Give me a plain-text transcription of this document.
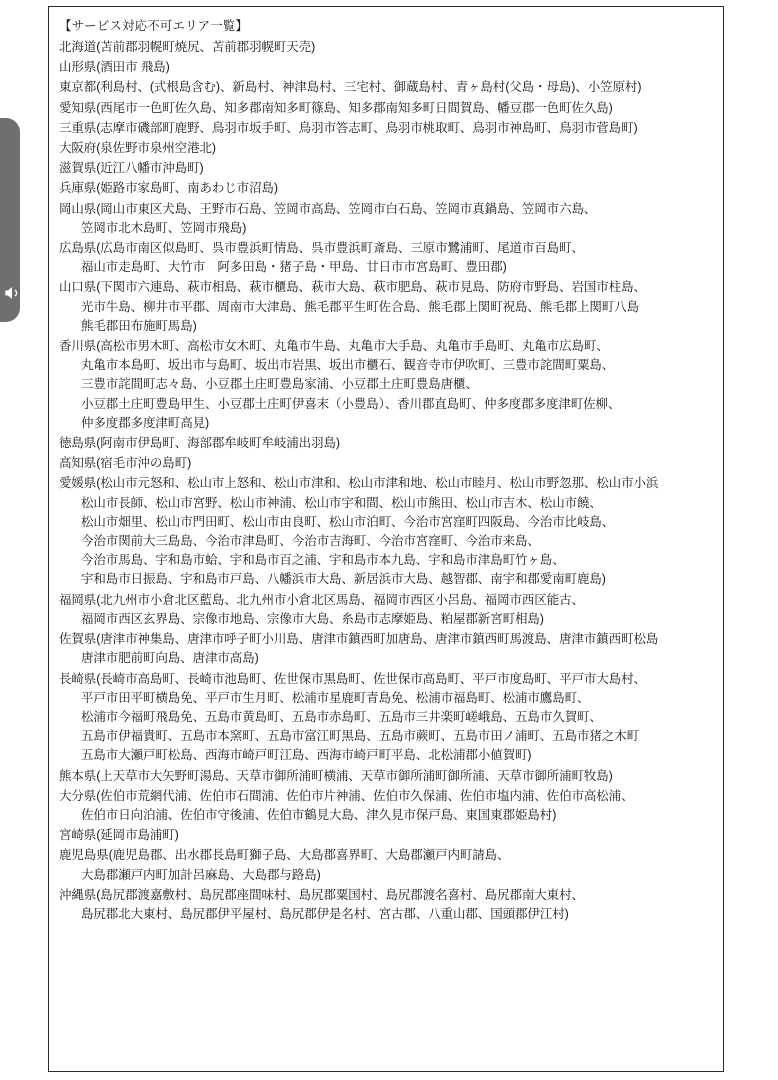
【サービス対応不可エリア一覧】
北海道(苫前郡羽幌町焼尻、苫前郡羽幌町天売)
山形県(酒田市 飛島)
東京都(利島村、(式根島含む)、新島村、神津島村、三宅村、御蔵島村、青ヶ島村(父島・母島)、小笠原村)
愛知県(西尾市一色町佐久島、知多郡南知多町篠島、知多郡南知多町日間賀島、幡豆郡一色町佐久島)
三重県(志摩市磯部町鹿野、鳥羽市坂手町、鳥羽市答志町、鳥羽市桃取町、鳥羽市神島町、鳥羽市菅島町)
大阪府(泉佐野市泉州空港北)
滋賀県(近江八幡市沖島町)
兵庫県(姫路市家島町、南あわじ市沼島)
岡山県(岡山市東区犬島、王野市石島、笠岡市高島、笠岡市白石島、笠岡市真鍋島、笠岡市六島、
笠岡市北木島町、笠岡市飛島)
広島県(広島市南区似島町、呉市豊浜町情島、呉市豊浜町斎島、三原市鷺浦町、尾道市百島町、
福山市走島町、大竹市　阿多田島・猪子島・甲島、廿日市市宮島町、豊田郡)
山口県(下関市六連島、萩市相島、萩市櫃島、萩市大島、萩市肥島、萩市見島、防府市野島、岩国市柱島、
光市牛島、柳井市平郡、周南市大津島、熊毛郡平生町佐合島、熊毛郡上関町祝島、熊毛郡上関町八島
熊毛郡田布施町馬島)
香川県(高松市男木町、高松市女木町、丸亀市牛島、丸亀市大手島、丸亀市手島町、丸亀市広島町、
丸亀市本島町、坂出市与島町、坂出市岩黒、坂出市櫃石、観音寺市伊吹町、三豊市詫間町粟島、
三豊市詫間町志々島、小豆郡土庄町豊島家浦、小豆郡土庄町豊島唐櫃、
小豆郡土庄町豊島甲生、小豆郡土庄町伊喜末（小豊島）、香川郡直島町、仲多度郡多度津町佐柳、
仲多度郡多度津町高見)
徳島県(阿南市伊島町、海部郡牟岐町牟岐浦出羽島)
高知県(宿毛市沖の島町)
愛媛県(松山市元怒和、松山市上怒和、松山市津和、松山市津和地、松山市睦月、松山市野忽那、松山市小浜
松山市長師、松山市宮野、松山市神浦、松山市宇和間、松山市熊田、松山市吉木、松山市饒、
松山市畑里、松山市門田町、松山市由良町、松山市泊町、今治市宮窪町四阪島、今治市比岐島、
今治市関前大三島島、今治市津島町、今治市吉海町、今治市宮窪町、今治市来島、
今治市馬島、宇和島市蛤、宇和島市百之浦、宇和島市本九島、宇和島市津島町竹ヶ島、
宇和島市日振島、宇和島市戸島、八幡浜市大島、新居浜市大島、越智郡、南宇和郡愛南町鹿島)
福岡県(北九州市小倉北区藍島、北九州市小倉北区馬島、福岡市西区小呂島、福岡市西区能古、
福岡市西区玄界島、宗像市地島、宗像市大島、糸島市志摩姫島、粕屋郡新宮町相島)
佐賀県(唐津市神集島、唐津市呼子町小川島、唐津市鎮西町加唐島、唐津市鎮西町馬渡島、唐津市鎮西町松島
唐津市肥前町向島、唐津市高島)
長崎県(長崎市高島町、長崎市池島町、佐世保市黒島町、佐世保市高島町、平戸市度島町、平戸市大島村、
平戸市田平町横島免、平戸市生月町、松浦市星鹿町青島免、松浦市福島町、松浦市鷹島町、
松浦市今福町飛島免、五島市黄島町、五島市赤島町、五島市三井楽町嵯峨島、五島市久賀町、
五島市伊福貴町、五島市本窯町、五島市富江町黒島、五島市蕨町、五島市田ノ浦町、五島市猪之木町
五島市大瀬戸町松島、西海市崎戸町江島、西海市崎戸町平島、北松浦郡小値賀町)
熊本県(上天草市大矢野町湯島、天草市御所浦町横浦、天草市御所浦町御所浦、天草市御所浦町牧島)
大分県(佐伯市荒網代浦、佐伯市石間浦、佐伯市片神浦、佐伯市久保浦、佐伯市塩内浦、佐伯市高松浦、
佐伯市日向泊浦、佐伯市守後浦、佐伯市鶴見大島、津久見市保戸島、東国東郡姫島村)
宮崎県(延岡市島浦町)
鹿児島県(鹿児島郡、出水郡長島町獅子島、大島郡喜界町、大島郡瀬戸内町請島、
大島郡瀬戸内町加計呂麻島、大島郡与路島)
沖縄県(島尻郡渡嘉敷村、島尻郡座間味村、島尻郡粟国村、島尻郡渡名喜村、島尻郡南大東村、
島尻郡北大東村、島尻郡伊平屋村、島尻郡伊是名村、宮古郡、八重山郡、国頭郡伊江村)
